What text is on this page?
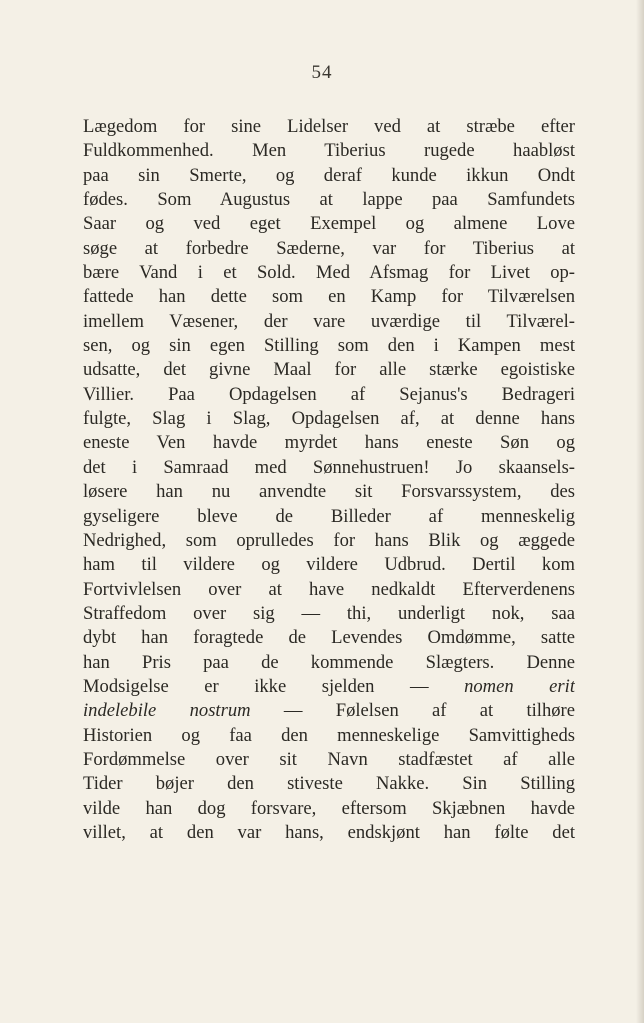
54
Lægedom for sine Lidelser ved at stræbe efter
Fuldkommenhed. Men Tiberius rugede haabløst
paa sin Smerte, og deraf kunde ikkun Ondt
fødes. Som Augustus at lappe paa Samfundets
Saar og ved eget Exempel og almene Love
søge at forbedre Sæderne, var for Tiberius at
bære Vand i et Sold. Med Afsmag for Livet op-
fattede han dette som en Kamp for Tilværelsen
imellem Væsener, der vare uværdige til Tilværel-
sen, og sin egen Stilling som den i Kampen mest
udsatte, det givne Maal for alle stærke egoistiske
Villier. Paa Opdagelsen af Sejanus's Bedrageri
fulgte, Slag i Slag, Opdagelsen af, at denne hans
eneste Ven havde myrdet hans eneste Søn og
det i Samraad med Sønnehustruen! Jo skaansels-
løsere han nu anvendte sit Forsvarssystem, des
gyseligere bleve de Billeder af menneskelig
Nedrighed, som oprulledes for hans Blik og æggede
ham til vildere og vildere Udbrud. Dertil kom
Fortvivlelsen over at have nedkaldt Efterverdenens
Straffedom over sig — thi, underligt nok, saa
dybt han foragtede de Levendes Omdømme, satte
han Pris paa de kommende Slægters. Denne
Modsigelse er ikke sjelden — nomen erit
indelebile nostrum — Følelsen af at tilhøre
Historien og faa den menneskelige Samvittigheds
Fordømmelse over sit Navn stadfæstet af alle
Tider bøjer den stiveste Nakke. Sin Stilling
vilde han dog forsvare, eftersom Skjæbnen havde
villet, at den var hans, endskjønt han følte det
